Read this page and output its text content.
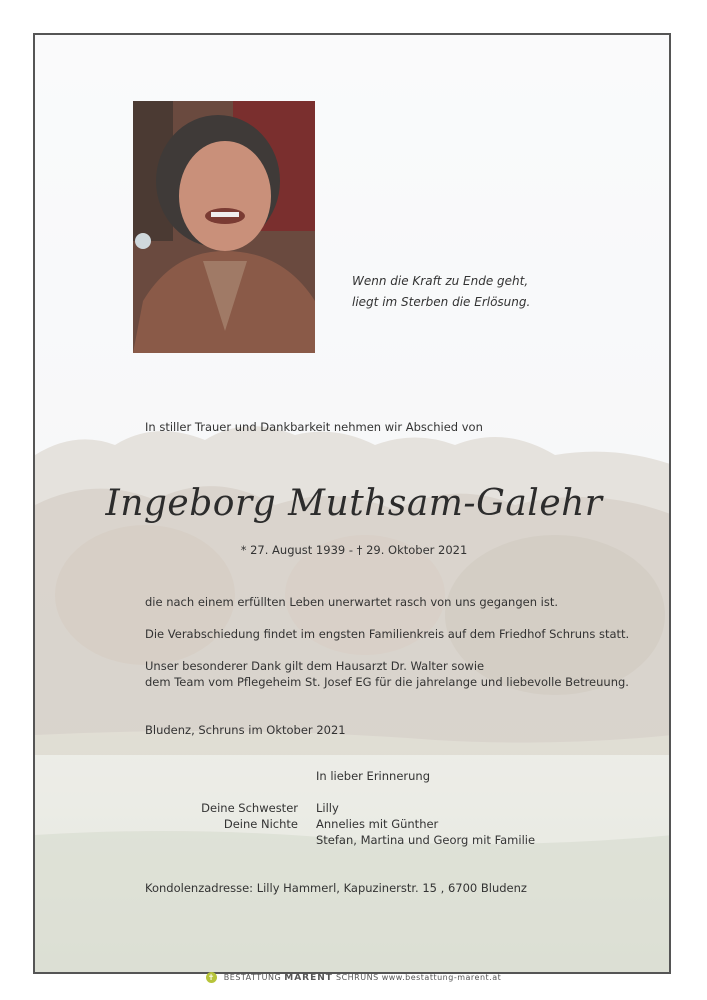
Wenn die Kraft zu Ende geht,
liegt im Sterben die Erlösung.
In stiller Trauer und Dankbarkeit nehmen wir Abschied von
Ingeborg Muthsam-Galehr
* 27. August 1939 - † 29. Oktober 2021
die nach einem erfüllten Leben unerwartet rasch von uns gegangen ist.
Die Verabschiedung findet im engsten Familienkreis auf dem Friedhof Schruns statt.
Unser besonderer Dank gilt dem Hausarzt Dr. Walter sowie
dem Team vom Pflegeheim St. Josef EG für die jahrelange und liebevolle Betreuung.
Bludenz, Schruns im Oktober 2021
In lieber Erinnerung
Deine Schwester Lilly
Deine Nichte Annelies mit Günther
Stefan, Martina und Georg mit Familie
Kondolenzadresse: Lilly Hammerl, Kapuzinerstr. 15 , 6700 Bludenz
✝ BESTATTUNG MARENT SCHRUNS www.bestattung-marent.at
